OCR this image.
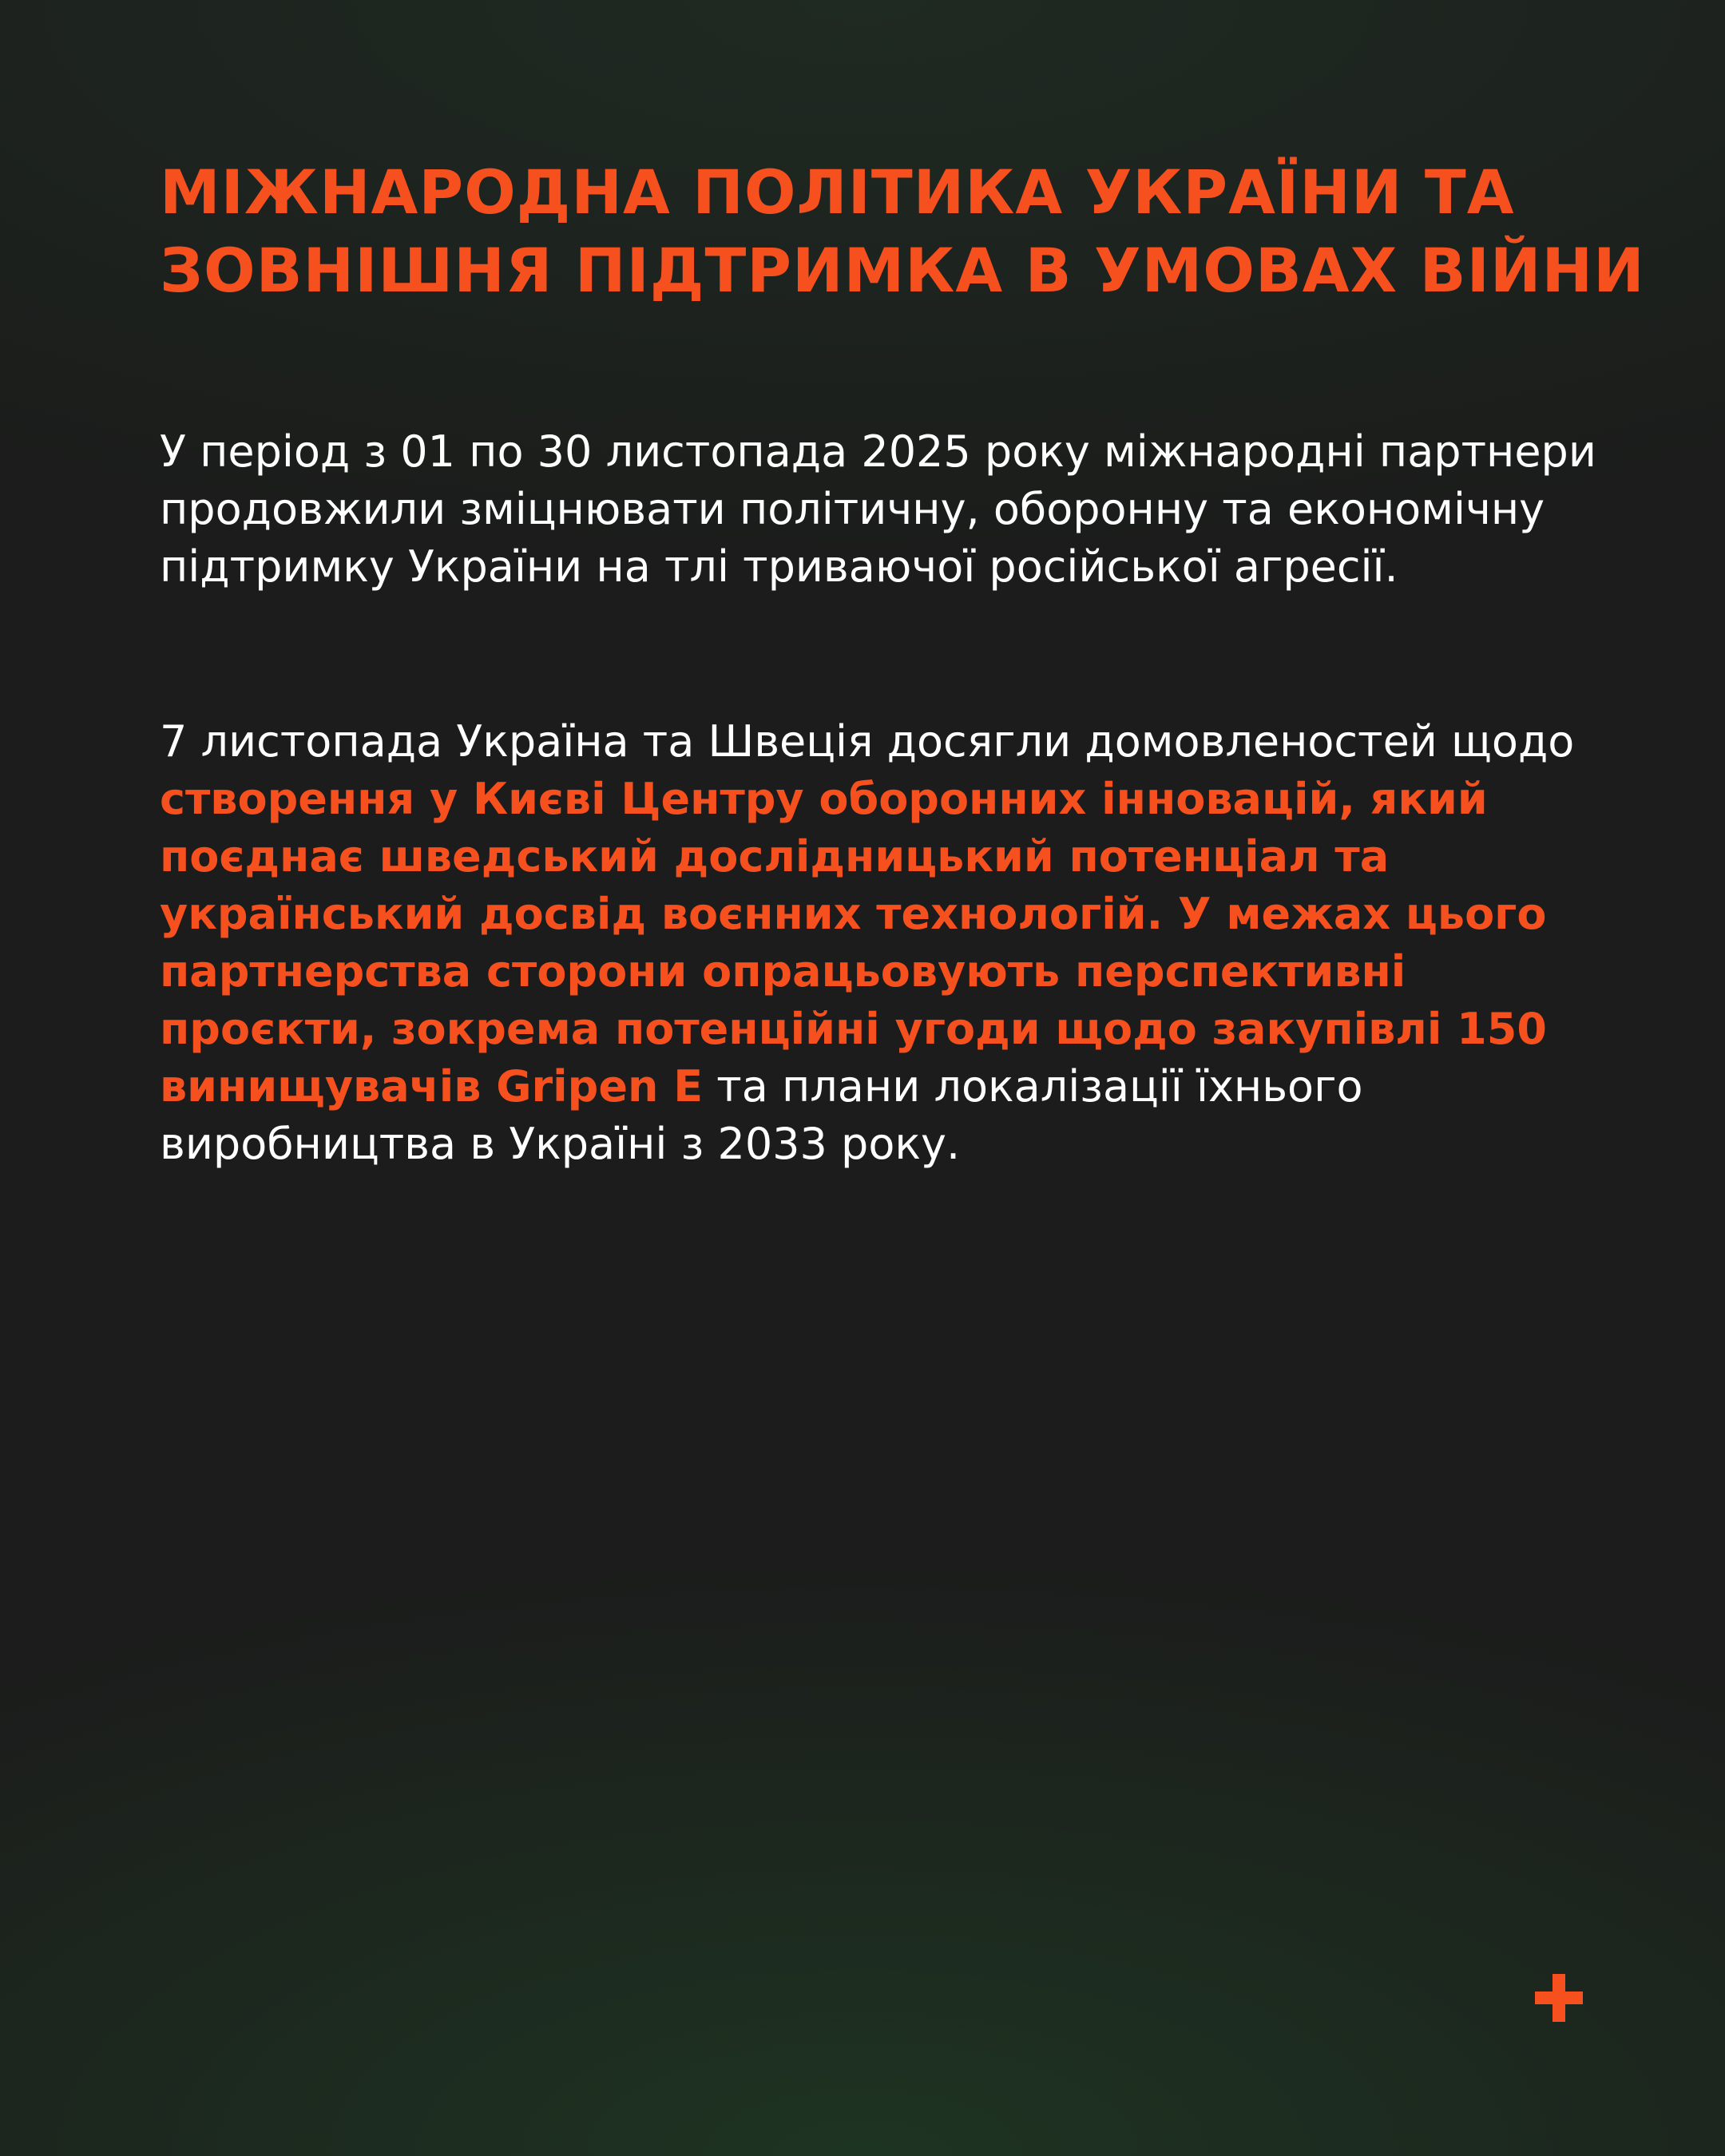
МІЖНАРОДНА ПОЛІТИКА УКРАЇНИ ТА
ЗОВНІШНЯ ПІДТРИМКА В УМОВАХ ВІЙНИ

У період з 01 по 30 листопада 2025 року міжнародні партнери продовжили зміцнювати політичну, оборонну та економічну підтримку України на тлі триваючої російської агресії.

7 листопада Україна та Швеція досягли домовленостей щодо створення у Києві Центру оборонних інновацій, який поєднає шведський дослідницький потенціал та український досвід воєнних технологій. У межах цього партнерства сторони опрацьовують перспективні проєкти, зокрема потенційні угоди щодо закупівлі 150 винищувачів Gripen E та плани локалізації їхнього виробництва в Україні з 2033 року.
